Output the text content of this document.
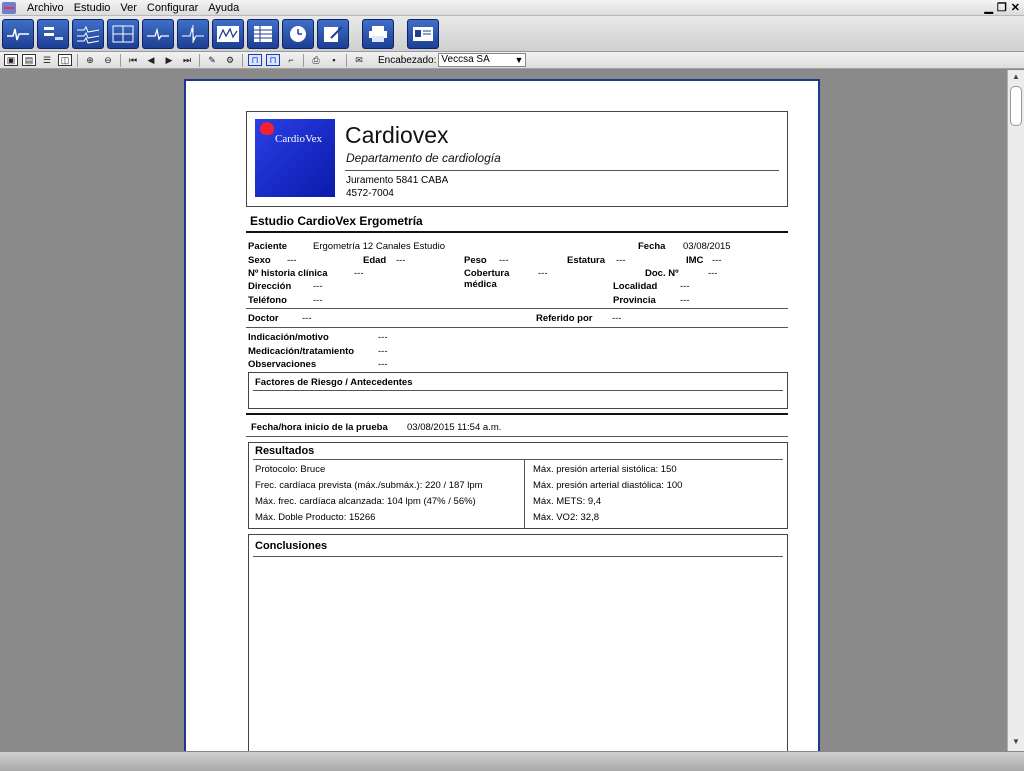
Archivo Estudio Ver Configurar Ayuda	▁ ❐ ✕
▣ ▤ ☰ ◫ ⊕ ⊖ ⏮ ◀ ▶ ⏭ ✎ ⚙ ⊓ ⊓ ⌐ ⎙ ▪ ✉ Encabezado: Veccsa SA	▼
CardioVex Cardiovex
Departamento de cardiología
Juramento 5841 CABA
4572-7004
Estudio CardioVex Ergometría
Paciente	Ergometría 12 Canales Estudio	Fecha 03/08/2015
Sexo ---	Edad ---	Peso ---	Estatura ---	IMC ---
Nº historia clínica	---	Cobertura
médica
---	Doc. Nº	---
Dirección ---	Localidad ---
Teléfono	---	Provincia	---
Doctor ---	Referido por ---
Indicación/motivo	---
Medicación/tratamiento	---
Observaciones	---
Factores de Riesgo / Antecedentes
Fecha/hora inicio de la prueba 03/08/2015 11:54 a.m.
Resultados
Protocolo: Bruce
Frec. cardíaca prevista (máx./submáx.): 220 / 187 lpm
Máx. frec. cardíaca alcanzada: 104 lpm (47% / 56%)
Máx. Doble Producto: 15266
Máx. presión arterial sistólica: 150
Máx. presión arterial diastólica: 100
Máx. METS: 9,4
Máx. VO2: 32,8
Conclusiones
▲
▼
